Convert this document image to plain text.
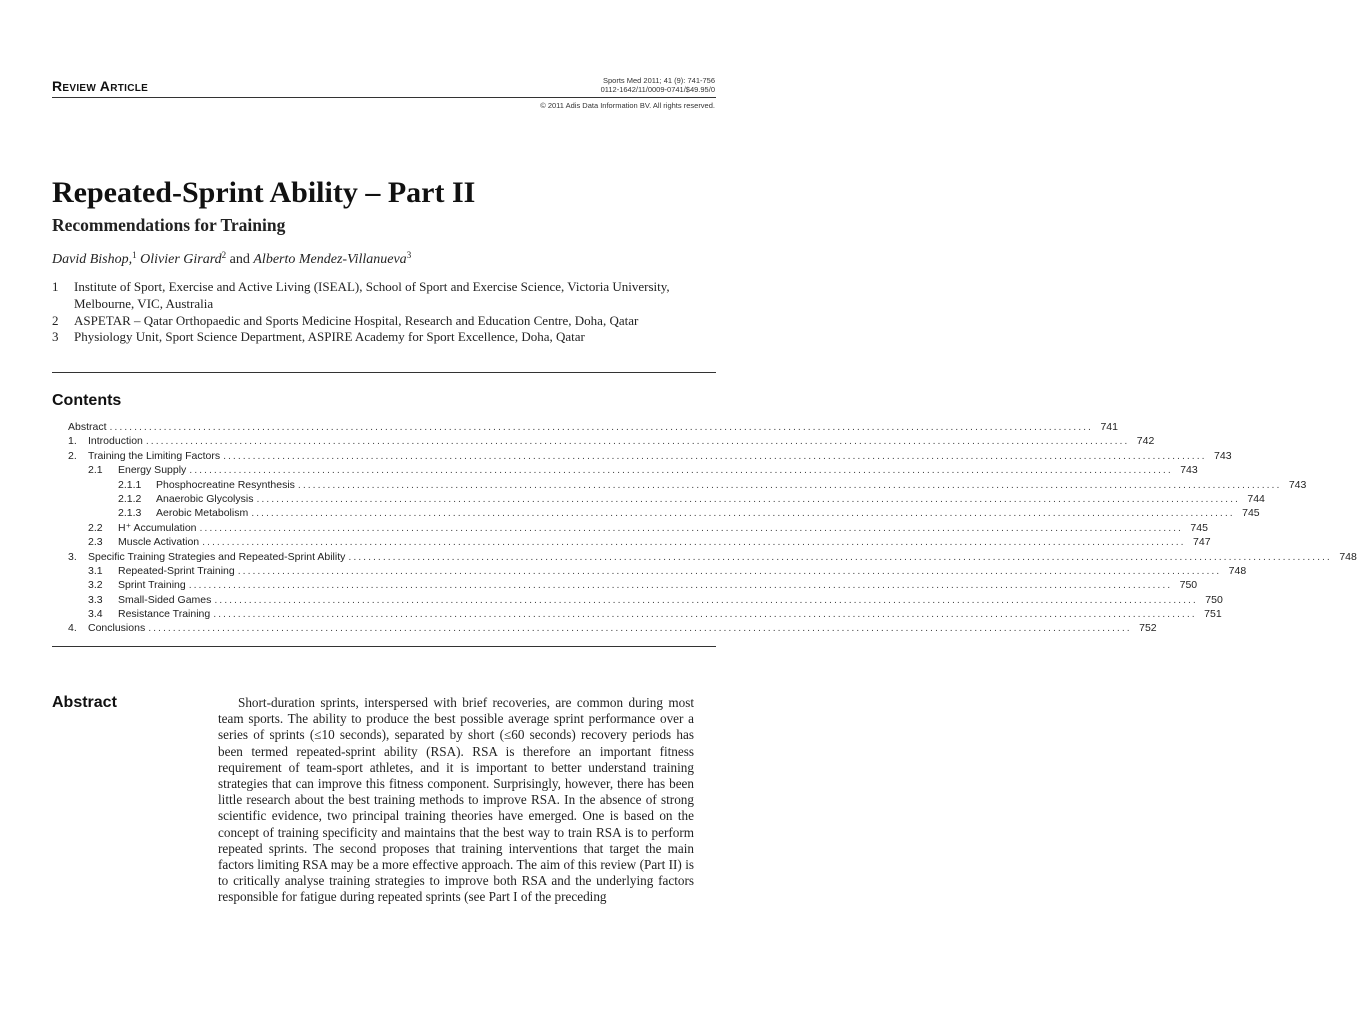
Review Article	Sports Med 2011; 41 (9): 741-756
0112-1642/11/0009-0741/$49.95/0
© 2011 Adis Data Information BV. All rights reserved.
Repeated-Sprint Ability – Part II
Recommendations for Training
David Bishop,$^1$ Olivier Girard$^2$ and Alberto Mendez-Villanueva$^3$
1	Institute of Sport, Exercise and Active Living (ISEAL), School of Sport and Exercise Science, Victoria University, Melbourne, VIC, Australia
2	ASPETAR – Qatar Orthopaedic and Sports Medicine Hospital, Research and Education Centre, Doha, Qatar
3	Physiology Unit, Sport Science Department, ASPIRE Academy for Sport Excellence, Doha, Qatar
Contents
Abstract ........................................................................................................................................................................................................ 741
1.	Introduction ........................................................................................................................................................................................................ 742
2.	Training the Limiting Factors ........................................................................................................................................................................................................ 743
2.1	Energy Supply ........................................................................................................................................................................................................ 743
2.1.1	Phosphocreatine Resynthesis ........................................................................................................................................................................................................ 743
2.1.2	Anaerobic Glycolysis ........................................................................................................................................................................................................ 744
2.1.3	Aerobic Metabolism ........................................................................................................................................................................................................ 745
2.2	H⁺ Accumulation ........................................................................................................................................................................................................ 745
2.3	Muscle Activation ........................................................................................................................................................................................................ 747
3.	Specific Training Strategies and Repeated-Sprint Ability ........................................................................................................................................................................................................ 748
3.1	Repeated-Sprint Training ........................................................................................................................................................................................................ 748
3.2	Sprint Training ........................................................................................................................................................................................................ 750
3.3	Small-Sided Games ........................................................................................................................................................................................................ 750
3.4	Resistance Training ........................................................................................................................................................................................................ 751
4.	Conclusions ........................................................................................................................................................................................................ 752
Abstract	Short-duration sprints, interspersed with brief recoveries, are common during most team sports. The ability to produce the best possible average sprint performance over a series of sprints (≤10 seconds), separated by short (≤60 seconds) recovery periods has been termed repeated-sprint ability (RSA). RSA is therefore an important fitness requirement of team-sport athletes, and it is important to better understand training strategies that can improve this fitness component. Surprisingly, however, there has been little research about the best training methods to improve RSA. In the absence of strong scientific evidence, two principal training theories have emerged. One is based on the concept of training specificity and maintains that the best way to train RSA is to perform repeated sprints. The second proposes that training interventions that target the main factors limiting RSA may be a more effective approach. The aim of this review (Part II) is to critically analyse training strategies to improve both RSA and the underlying factors responsible for fatigue during repeated sprints (see Part I of the preceding
